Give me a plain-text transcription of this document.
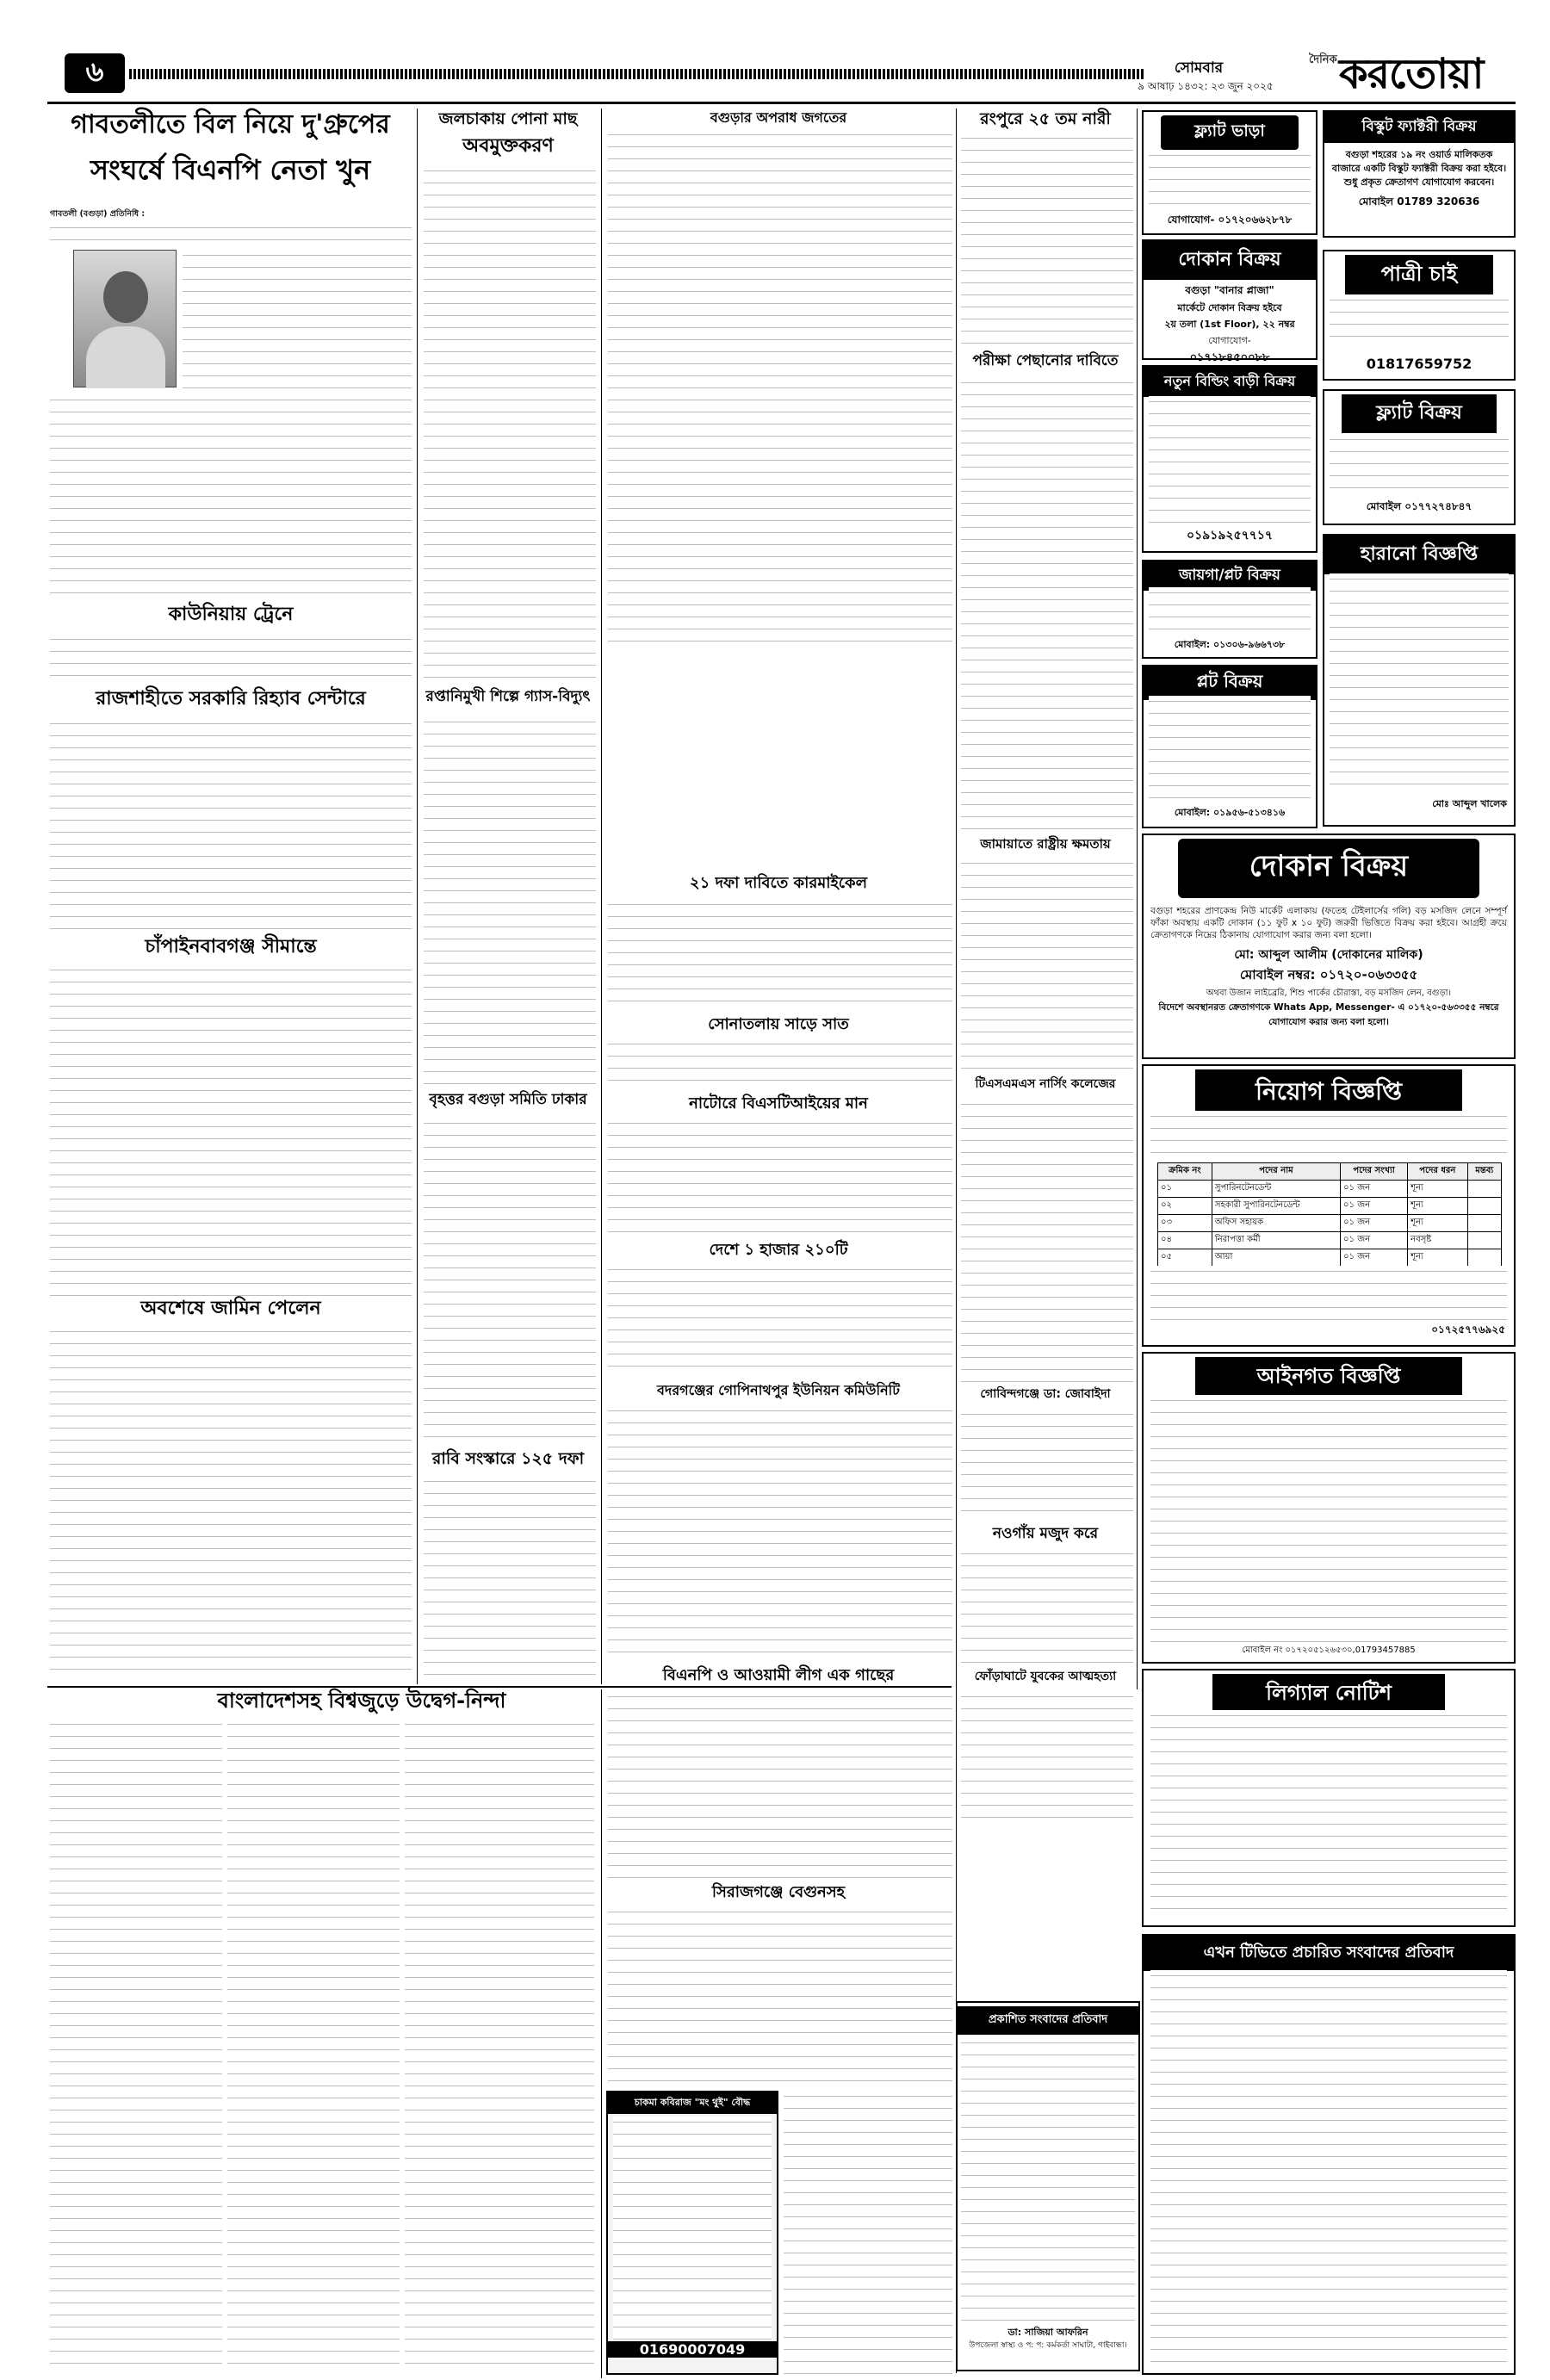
৬	সোমবার
৯ আষাঢ় ১৪৩২: ২৩ জুন ২০২৫
দৈনিক করতোয়া
গাবতলীতে বিল নিয়ে দু'গ্রুপের
সংঘর্ষে বিএনপি নেতা খুন
গাবতলী (বগুড়া) প্রতিনিধি :
কাউনিয়ায় ট্রেনে
রাজশাহীতে সরকারি রিহ্যাব সেন্টারে
চাঁপাইনবাবগঞ্জ সীমান্তে
অবশেষে জামিন পেলেন
জলচাকায় পোনা মাছ
অবমুক্তকরণ
রপ্তানিমুখী শিল্পে গ্যাস-বিদ্যুৎ
বৃহত্তর বগুড়া সমিতি ঢাকার
রাবি সংস্কারে ১২৫ দফা
বগুড়ার অপরাধ জগতের
২১ দফা দাবিতে কারমাইকেল
সোনাতলায় সাড়ে সাত
নাটোরে বিএসটিআইয়ের মান
দেশে ১ হাজার ২১০টি
বদরগঞ্জের গোপিনাথপুর ইউনিয়ন কমিউনিটি
রংপুরে ২৫ তম নারী
পরীক্ষা পেছানোর দাবিতে
জামায়াতে রাষ্ট্রীয় ক্ষমতায়
টিএসএমএস নার্সিং কলেজের
গোবিন্দগঞ্জে ডা: জোবাইদা
নওগাঁয় মজুদ করে
ফ্ল্যাট ভাড়া
যোগাযোগ- ০১৭২০৬৬২৮৭৮
দোকান বিক্রয়
বগুড়া "বানার প্লাজা"
মার্কেটে দোকান বিক্রয় হইবে
২য় তলা (1st Floor), ২২ নম্বর
যোগাযোগ-
০১৭১৮৪৫০০৮৮
নতুন বিল্ডিং বাড়ী বিক্রয়
০১৯১৯২৫৭৭১৭
জায়গা/প্লট বিক্রয়
মোবাইল: ০১৩০৬-৯৬৬৭৩৮
প্লট বিক্রয়
মোবাইল: ০১৯৫৬-৫১৩৪১৬
বিস্কুট ফ্যাক্টরী বিক্রয়
বগুড়া শহরের ১৯ নং ওয়ার্ড মালিকতক বাজারে একটি বিস্কুট ফ্যাক্টরী বিক্রয় করা হইবে। শুধু প্রকৃত ক্রেতাগণ যোগাযোগ করবেন।
মোবাইল 01789 320636
পাত্রী চাই
01817659752
ফ্ল্যাট বিক্রয়
মোবাইল ০১৭৭২৭৪৮৪৭
হারানো বিজ্ঞপ্তি
মোঃ আব্দুল খালেক
দোকান বিক্রয়
বগুড়া শহরের প্রাণকেন্দ্র নিউ মার্কেট এলাকায় (ফতেহ টেইলার্সের গলি) বড় মসজিদ লেনে সম্পূর্ণ ফাঁকা অবস্থায় একটি দোকান (১১ ফুট x ১০ ফুট) জরুরী ভিত্তিতে বিক্রয় করা হইবে। আগ্রহী ক্রয়ে ক্রেতাগণকে নিম্নের ঠিকানায় যোগাযোগ করার জন্য বলা হলো।
মো: আব্দুল আলীম (দোকানের মালিক)
মোবাইল নম্বর: ০১৭২০-০৬৩৩৫৫
অথবা উজান লাইব্রেরি, শিশু পার্কের চৌরাস্তা, বড় মসজিদ লেন, বগুড়া।
বিদেশে অবস্থানরত ক্রেতাগণকে Whats App, Messenger- এ ০১৭২০-৫৬৩৩৫৫ নম্বরে যোগাযোগ করার জন্য বলা হলো।
নিয়োগ বিজ্ঞপ্তি
ক্রমিক নং	পদের নাম	পদের সংখ্যা	পদের ধরন	মন্তব্য
০১	সুপারিনটেনডেন্ট	০১ জন	শূন্য	
০২	সহকারী সুপারিনটেনডেন্ট	০১ জন	শূন্য	
০৩	অফিস সহায়ক	০১ জন	শূন্য	
০৪	নিরাপত্তা কর্মী	০১ জন	নবসৃষ্ট	
০৫	আয়া	০১ জন	শূন্য	

০১৭২৫৭৭৬৯২৫
আইনগত বিজ্ঞপ্তি
মোবাইল নং ০১৭২০৫১২৬৫৩০,01793457885
বাংলাদেশসহ বিশ্বজুড়ে উদ্বেগ-নিন্দা
বিএনপি ও আওয়ামী লীগ এক গাছের
সিরাজগঞ্জে বেগুনসহ
চাকমা কবিরাজ "মং থুই" বৌদ্ধ
01690007049
ফোঁড়াঘাটে যুবকের আত্মহত্যা
প্রকাশিত সংবাদের প্রতিবাদ
ডা: সাজিয়া আফরিন
উপজেলা স্বাস্থ্য ও প: প: কর্মকর্তা সাঘাটা, গাইবান্ধা।
লিগ্যাল নোটিশ
এখন টিভিতে প্রচারিত সংবাদের প্রতিবাদ
